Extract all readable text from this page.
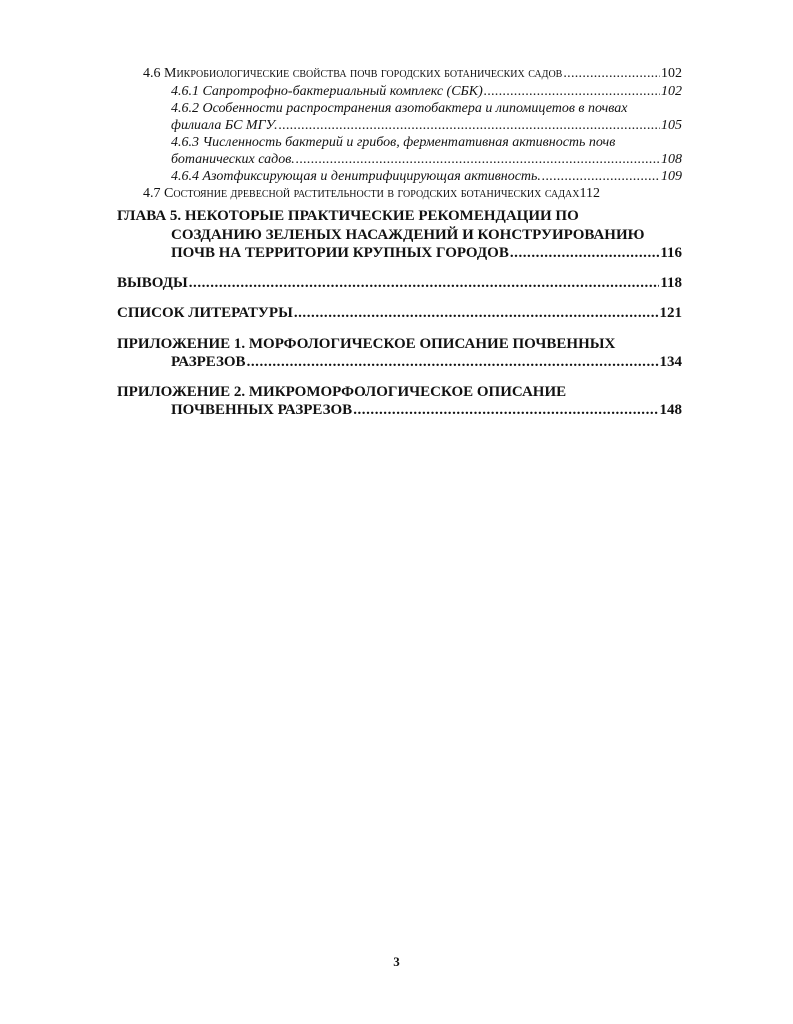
4.6 Микробиологические свойства почв городских ботанических садов . . .	102
4.6.1 Сапротрофно-бактериальный комплекс (СБК) . . .	102
4.6.2 Особенности распространения азотобактера и липомицетов в почвах
филиала БС МГУ. . . .	105
4.6.3 Численность бактерий и грибов, ферментативная активность почв
ботанических садов. . . .	108
4.6.4 Азотфиксирующая и денитрифицирующая активность. . . .	109
4.7 Состояние древесной растительности в городских ботанических садах 112
ГЛАВА 5. НЕКОТОРЫЕ ПРАКТИЧЕСКИЕ РЕКОМЕНДАЦИИ ПО
СОЗДАНИЮ ЗЕЛЕНЫХ НАСАЖДЕНИЙ И КОНСТРУИРОВАНИЮ
ПОЧВ НА ТЕРРИТОРИИ КРУПНЫХ ГОРОДОВ . . .	116
ВЫВОДЫ . . .	118
СПИСОК ЛИТЕРАТУРЫ . . .	121
ПРИЛОЖЕНИЕ 1. МОРФОЛОГИЧЕСКОЕ ОПИСАНИЕ ПОЧВЕННЫХ
РАЗРЕЗОВ . . .	134
ПРИЛОЖЕНИЕ 2. МИКРОМОРФОЛОГИЧЕСКОЕ ОПИСАНИЕ
ПОЧВЕННЫХ РАЗРЕЗОВ . . .	148
3
